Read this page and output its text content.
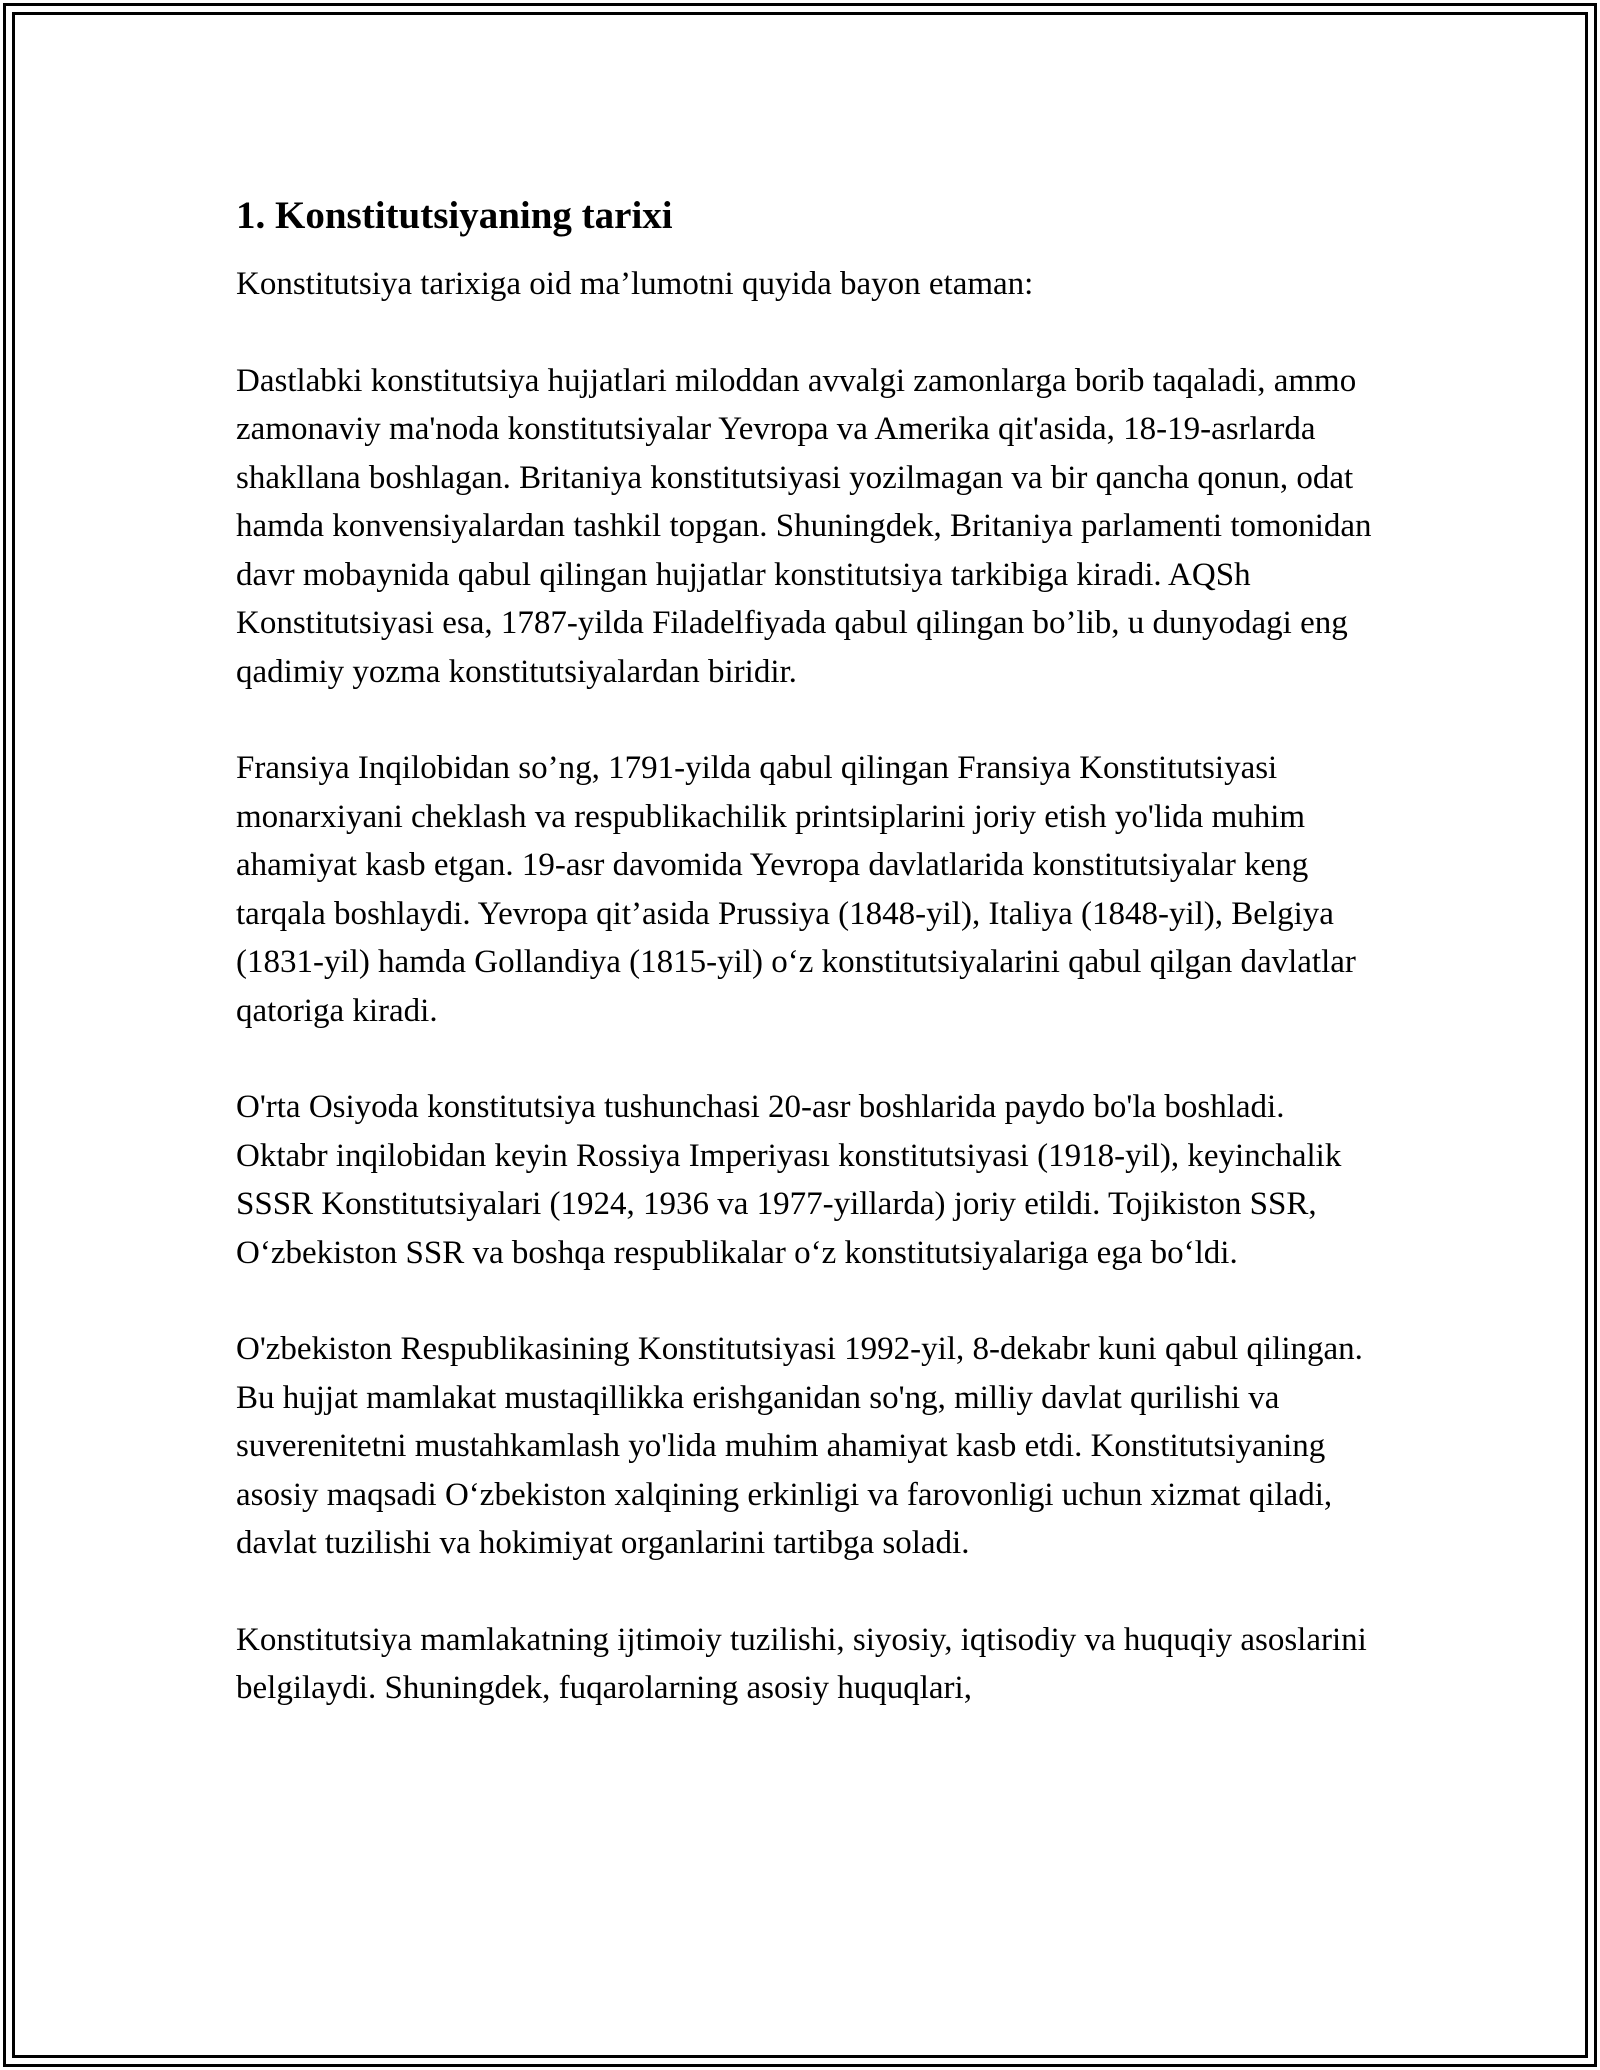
1. Konstitutsiyaning tarixi

Konstitutsiya tarixiga oid ma’lumotni quyida bayon etaman:

Dastlabki konstitutsiya hujjatlari miloddan avvalgi zamonlarga borib taqaladi, ammo zamonaviy ma'noda konstitutsiyalar Yevropa va Amerika qit'asida, 18-19-asrlarda shakllana boshlagan. Britaniya konstitutsiyasi yozilmagan va bir qancha qonun, odat hamda konvensiyalardan tashkil topgan. Shuningdek, Britaniya parlamenti tomonidan davr mobaynida qabul qilingan hujjatlar konstitutsiya tarkibiga kiradi. AQSh Konstitutsiyasi esa, 1787-yilda Filadelfiyada qabul qilingan bo’lib, u dunyodagi eng qadimiy yozma konstitutsiyalardan biridir.

Fransiya Inqilobidan so’ng, 1791-yilda qabul qilingan Fransiya Konstitutsiyasi monarxiyani cheklash va respublikachilik printsiplarini joriy etish yo'lida muhim ahamiyat kasb etgan. 19-asr davomida Yevropa davlatlarida konstitutsiyalar keng tarqala boshlaydi. Yevropa qit’asida Prussiya (1848-yil), Italiya (1848-yil), Belgiya (1831-yil) hamda Gollandiya (1815-yil) o‘z konstitutsiyalarini qabul qilgan davlatlar qatoriga kiradi.

O'rta Osiyoda konstitutsiya tushunchasi 20-asr boshlarida paydo bo'la boshladi. Oktabr inqilobidan keyin Rossiya Imperiyası konstitutsiyasi (1918-yil), keyinchalik SSSR Konstitutsiyalari (1924, 1936 va 1977-yillarda) joriy etildi. Tojikiston SSR, O‘zbekiston SSR va boshqa respublikalar o‘z konstitutsiyalariga ega bo‘ldi.

O'zbekiston Respublikasining Konstitutsiyasi 1992-yil, 8-dekabr kuni qabul qilingan. Bu hujjat mamlakat mustaqillikka erishganidan so'ng, milliy davlat qurilishi va suverenitetni mustahkamlash yo'lida muhim ahamiyat kasb etdi. Konstitutsiyaning asosiy maqsadi O‘zbekiston xalqining erkinligi va farovonligi uchun xizmat qiladi, davlat tuzilishi va hokimiyat organlarini tartibga soladi.

Konstitutsiya mamlakatning ijtimoiy tuzilishi, siyosiy, iqtisodiy va huquqiy asoslarini belgilaydi. Shuningdek, fuqarolarning asosiy huquqlari,
